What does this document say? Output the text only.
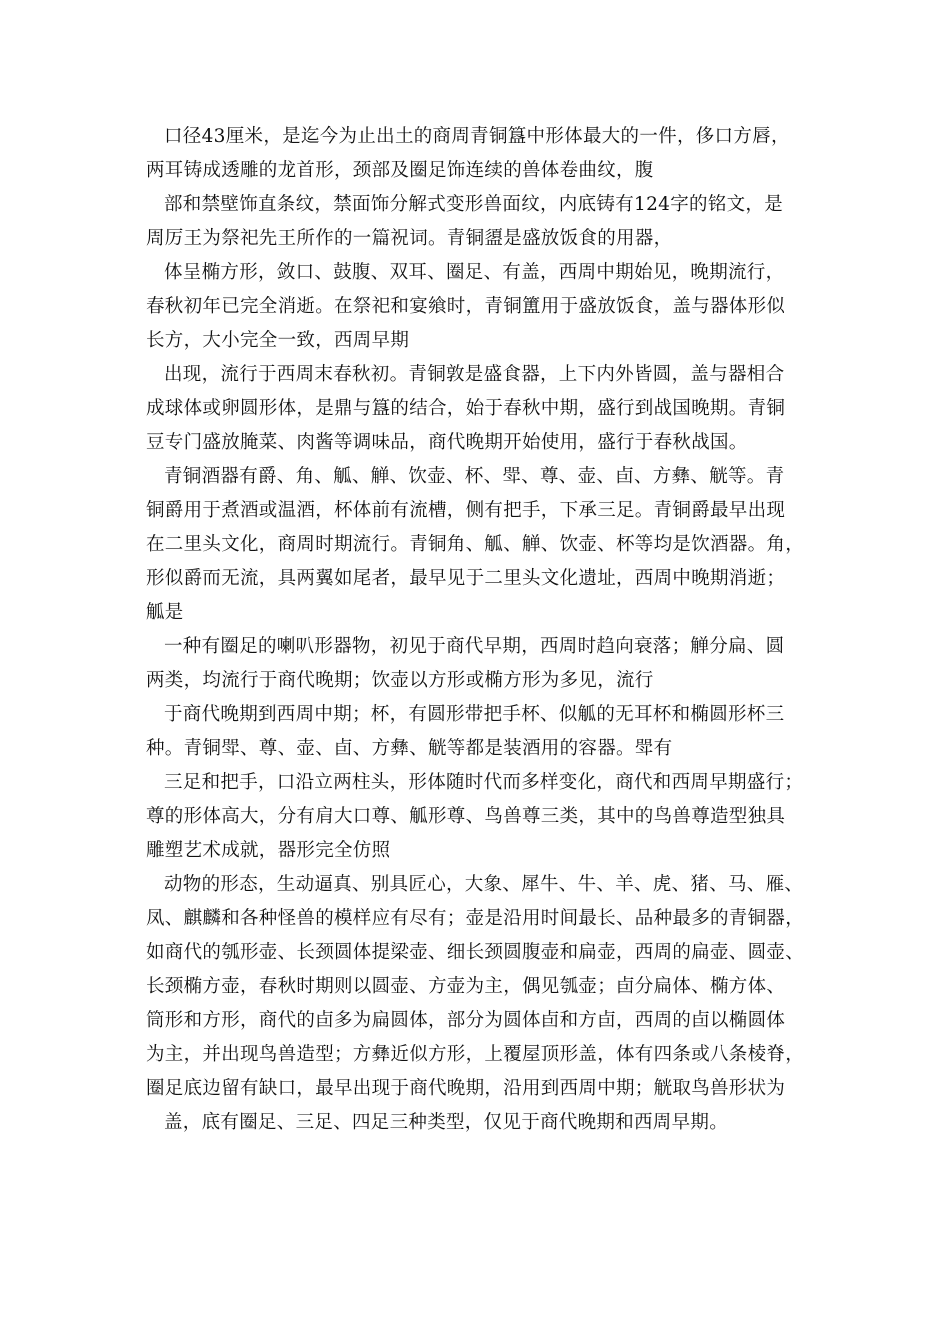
口径43厘米，是迄今为止出土的商周青铜簋中形体最大的一件，侈口方唇，
两耳铸成透雕的龙首形，颈部及圈足饰连续的兽体卷曲纹，腹
部和禁壁饰直条纹，禁面饰分解式变形兽面纹，内底铸有124字的铭文，是
周厉王为祭祀先王所作的一篇祝词。青铜盨是盛放饭食的用器，
体呈椭方形，敛口、鼓腹、双耳、圈足、有盖，西周中期始见，晚期流行，
春秋初年已完全消逝。在祭祀和宴飨时，青铜簠用于盛放饭食，盖与器体形似
长方，大小完全一致，西周早期
出现，流行于西周末春秋初。青铜敦是盛食器，上下内外皆圆，盖与器相合
成球体或卵圆形体，是鼎与簋的结合，始于春秋中期，盛行到战国晚期。青铜
豆专门盛放腌菜、肉酱等调味品，商代晚期开始使用，盛行于春秋战国。
青铜酒器有爵、角、觚、觯、饮壶、杯、斝、尊、壶、卣、方彝、觥等。青
铜爵用于煮酒或温酒，杯体前有流槽，侧有把手，下承三足。青铜爵最早出现
在二里头文化，商周时期流行。青铜角、觚、觯、饮壶、杯等均是饮酒器。角，
形似爵而无流，具两翼如尾者，最早见于二里头文化遗址，西周中晚期消逝；
觚是
一种有圈足的喇叭形器物，初见于商代早期，西周时趋向衰落；觯分扁、圆
两类，均流行于商代晚期；饮壶以方形或椭方形为多见，流行
于商代晚期到西周中期；杯，有圆形带把手杯、似觚的无耳杯和椭圆形杯三
种。青铜斝、尊、壶、卣、方彝、觥等都是装酒用的容器。斝有
三足和把手，口沿立两柱头，形体随时代而多样变化，商代和西周早期盛行；
尊的形体高大，分有肩大口尊、觚形尊、鸟兽尊三类，其中的鸟兽尊造型独具
雕塑艺术成就，器形完全仿照
动物的形态，生动逼真、别具匠心，大象、犀牛、牛、羊、虎、猪、马、雁、
凤、麒麟和各种怪兽的模样应有尽有；壶是沿用时间最长、品种最多的青铜器，
如商代的瓠形壶、长颈圆体提梁壶、细长颈圆腹壶和扁壶，西周的扁壶、圆壶、
长颈椭方壶，春秋时期则以圆壶、方壶为主，偶见瓠壶；卣分扁体、椭方体、
筒形和方形，商代的卣多为扁圆体，部分为圆体卣和方卣，西周的卣以椭圆体
为主，并出现鸟兽造型；方彝近似方形，上覆屋顶形盖，体有四条或八条棱脊，
圈足底边留有缺口，最早出现于商代晚期，沿用到西周中期；觥取鸟兽形状为
盖，底有圈足、三足、四足三种类型，仅见于商代晚期和西周早期。
